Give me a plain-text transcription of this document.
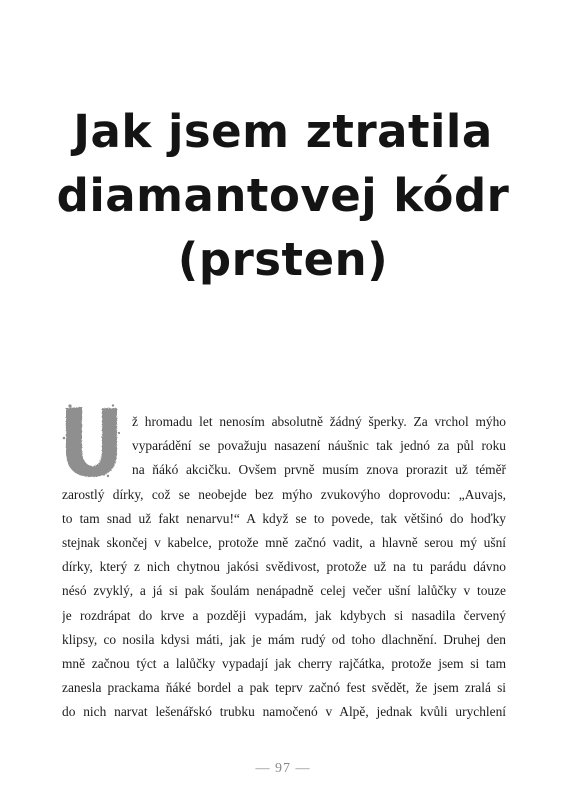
Jak jsem ztratila
diamantovej kódr
(prsten)
ž hromadu let nenosím absolutně žádný šperky. Za vrchol mýho
vyparádění se považuju nasazení náušnic tak jednó za půl roku
na ňákó akcičku. Ovšem prvně musím znova prorazit už téměř
zarostlý dírky, což se neobejde bez mýho zvukovýho doprovodu: „Auvajs,
to tam snad už fakt nenarvu!“ A když se to povede, tak většinó do hoďky
stejnak skončej v kabelce, protože mně začnó vadit, a hlavně serou mý ušní
dírky, který z nich chytnou jakósi svědivost, protože už na tu parádu dávno
nésó zvyklý, a já si pak šoulám nenápadně celej večer ušní lalůčky v touze
je rozdrápat do krve a později vypadám, jak kdybych si nasadila červený
klipsy, co nosila kdysi máti, jak je mám rudý od toho dlachnění. Druhej den
mně začnou týct a lalůčky vypadají jak cherry rajčátka, protože jsem si tam
zanesla prackama ňáké bordel a pak teprv začnó fest svědět, že jsem zralá si
do nich narvat lešenářskó trubku namočenó v Alpě, jednak kvůli urychlení
— 97 —
